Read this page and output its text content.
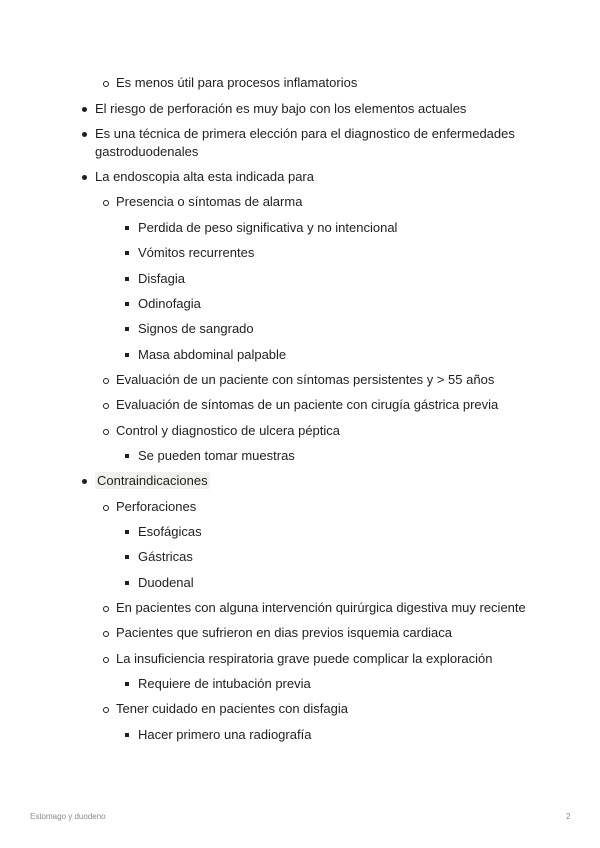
Es menos útil para procesos inflamatorios
El riesgo de perforación es muy bajo con los elementos actuales
Es una técnica de primera elección para el diagnostico de enfermedades
gastroduodenales
La endoscopia alta esta indicada para
Presencia o síntomas de alarma
Perdida de peso significativa y no intencional
Vómitos recurrentes
Disfagia
Odinofagia
Signos de sangrado
Masa abdominal palpable
Evaluación de un paciente con síntomas persistentes y > 55 años
Evaluación de síntomas de un paciente con cirugía gástrica previa
Control y diagnostico de ulcera péptica
Se pueden tomar muestras
Contraindicaciones
Perforaciones
Esofágicas
Gástricas
Duodenal
En pacientes con alguna intervención quirúrgica digestiva muy reciente
Pacientes que sufrieron en dias previos isquemia cardiaca
La insuficiencia respiratoria grave puede complicar la exploración
Requiere de intubación previa
Tener cuidado en pacientes con disfagia
Hacer primero una radiografía
Estomago y duodeno	2
